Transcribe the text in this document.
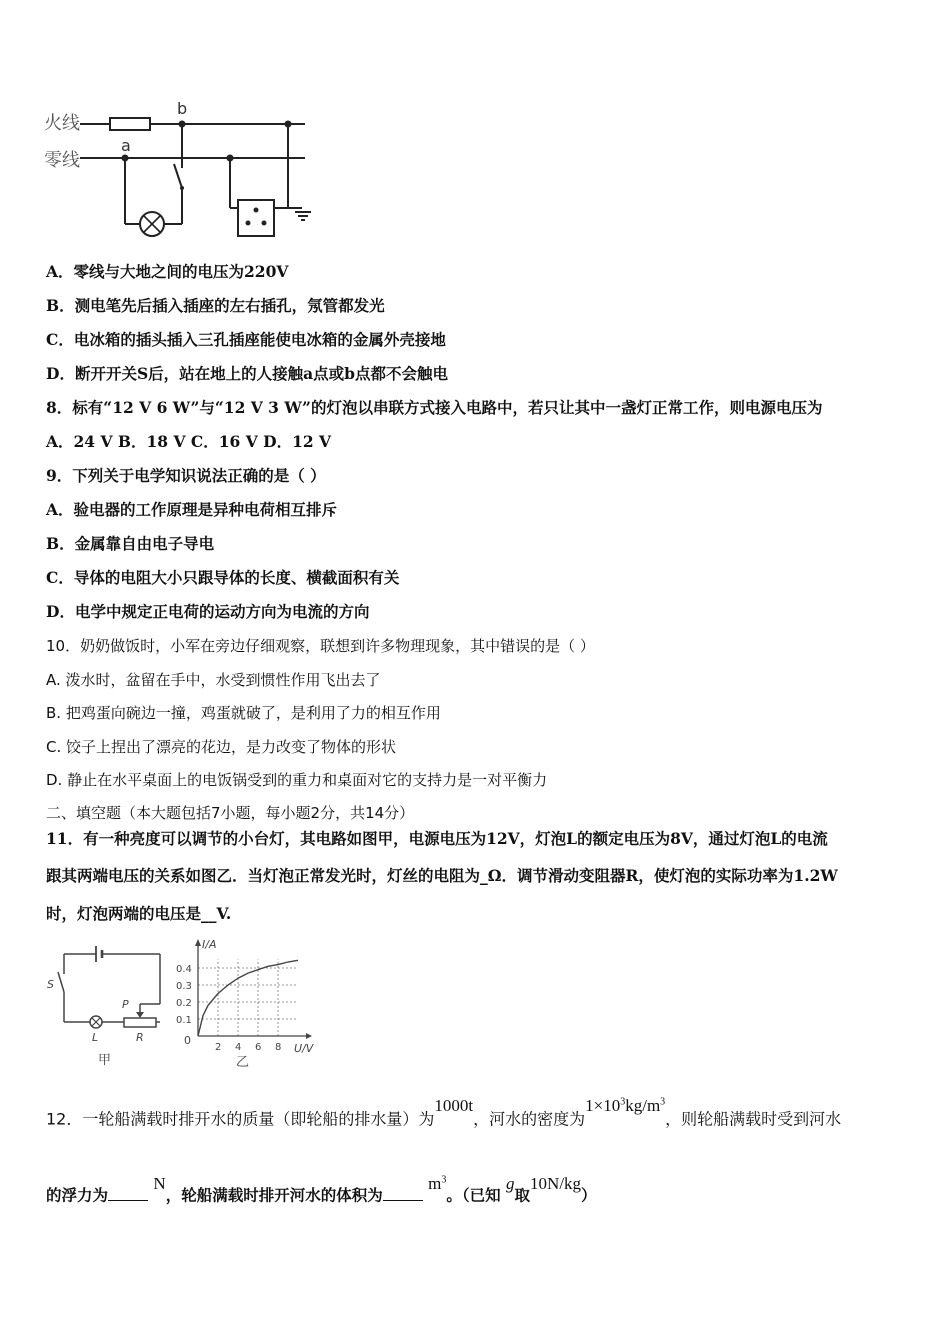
火线
零线
a
b
A．零线与大地之间的电压为220V
B．测电笔先后插入插座的左右插孔，氖管都发光
C．电冰箱的插头插入三孔插座能使电冰箱的金属外壳接地
D．断开开关S后，站在地上的人接触a点或b点都不会触电
8．标有“12 V 6 W”与“12 V 3 W”的灯泡以串联方式接入电路中，若只让其中一盏灯正常工作，则电源电压为
A．24 V B．18 V C．16 V D．12 V
9．下列关于电学知识说法正确的是（ ）
A．验电器的工作原理是异种电荷相互排斥
B．金属靠自由电子导电
C．导体的电阻大小只跟导体的长度、横截面积有关
D．电学中规定正电荷的运动方向为电流的方向
10．奶奶做饭时，小军在旁边仔细观察，联想到许多物理现象，其中错误的是（ ）
A. 泼水时，盆留在手中，水受到惯性作用飞出去了
B. 把鸡蛋向碗边一撞，鸡蛋就破了，是利用了力的相互作用
C. 饺子上捏出了漂亮的花边，是力改变了物体的形状
D. 静止在水平桌面上的电饭锅受到的重力和桌面对它的支持力是一对平衡力
二、填空题（本大题包括7小题，每小题2分，共14分）
11．有一种亮度可以调节的小台灯，其电路如图甲，电源电压为12V，灯泡L的额定电压为8V，通过灯泡L的电流
跟其两端电压的关系如图乙．当灯泡正常发光时，灯丝的电阻为_Ω．调节滑动变阻器R，使灯泡的实际功率为1.2W
时，灯泡两端的电压是__V.
P
R
L
S
甲
2 4 6 8
0.1
0.2
0.3
0.4
I/A
U/V
0
乙
12．一轮船满载时排开水的质量（即轮船的排水量）为1000t，河水的密度为$1\times 10^3kg/m^3$，则轮船满载时受到河水
的浮力为 N，轮船满载时排开河水的体积为 $m^3$。（已知 g取10N/kg）
